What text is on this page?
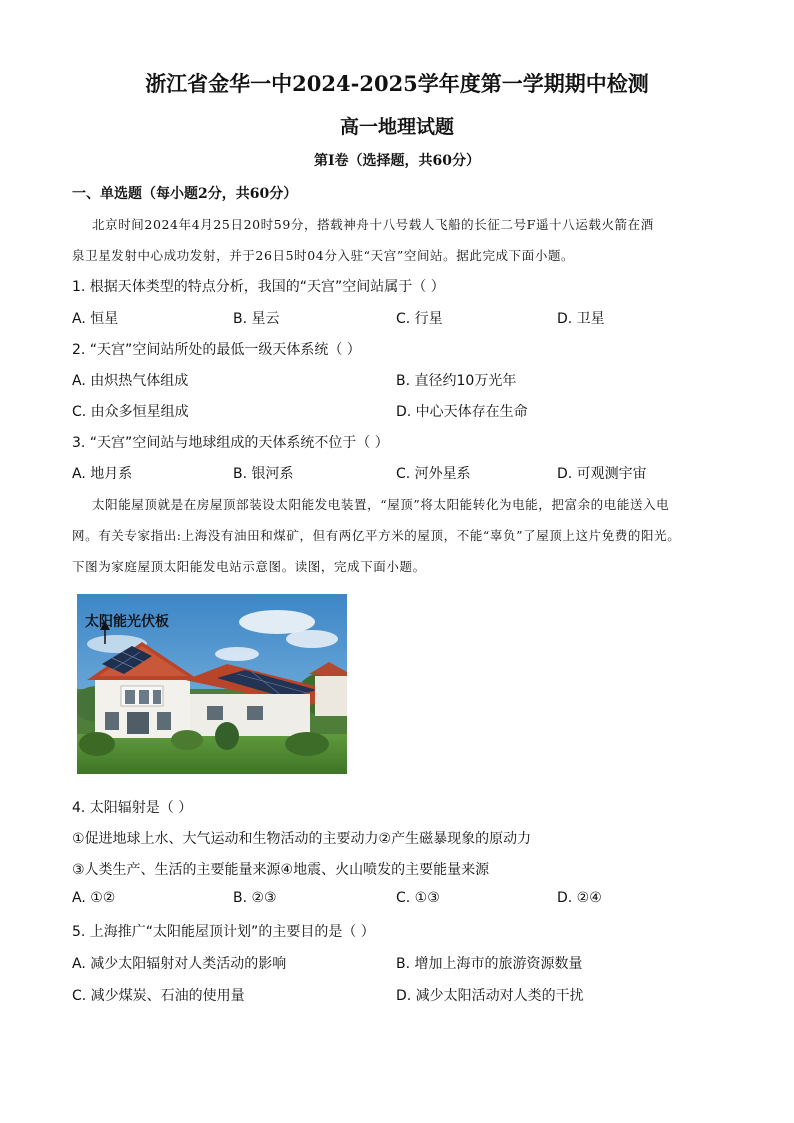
浙江省金华一中2024-2025学年度第一学期期中检测
高一地理试题
第I卷（选择题，共60分）
一、单选题（每小题2分，共60分）
北京时间2024年4月25日20时59分，搭载神舟十八号载人飞船的长征二号F遥十八运载火箭在酒
泉卫星发射中心成功发射，并于26日5时04分入驻“天宫”空间站。据此完成下面小题。
1. 根据天体类型的特点分析，我国的“天宫”空间站属于（ ）
A. 恒星	B. 星云	C. 行星	D. 卫星
2. “天宫”空间站所处的最低一级天体系统（ ）
A. 由炽热气体组成	B. 直径约10万光年
C. 由众多恒星组成	D. 中心天体存在生命
3. “天宫”空间站与地球组成的天体系统不位于（ ）
A. 地月系	B. 银河系	C. 河外星系	D. 可观测宇宙
太阳能屋顶就是在房屋顶部装设太阳能发电装置，“屋顶”将太阳能转化为电能，把富余的电能送入电
网。有关专家指出:上海没有油田和煤矿，但有两亿平方米的屋顶，不能“辜负”了屋顶上这片免费的阳光。
下图为家庭屋顶太阳能发电站示意图。读图，完成下面小题。
太阳能光伏板
4. 太阳辐射是（ ）
①促进地球上水、大气运动和生物活动的主要动力②产生磁暴现象的原动力
③人类生产、生活的主要能量来源④地震、火山喷发的主要能量来源
A. ①②	B. ②③	C. ①③	D. ②④
5. 上海推广“太阳能屋顶计划”的主要目的是（ ）
A. 减少太阳辐射对人类活动的影响	B. 增加上海市的旅游资源数量
C. 减少煤炭、石油的使用量	D. 减少太阳活动对人类的干扰
